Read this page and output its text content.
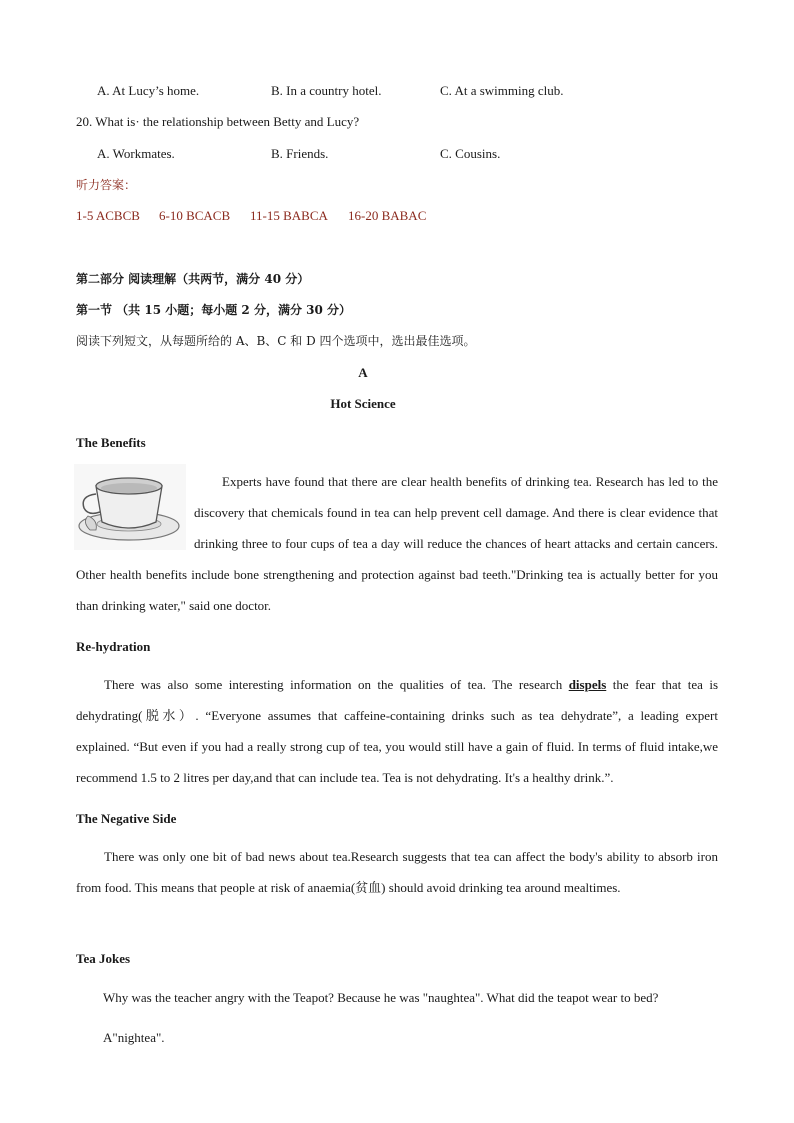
A. At Lucy’s home.	B. In a country hotel.	C. At a swimming club.
20. What is· the relationship between Betty and Lucy?
A. Workmates.	B. Friends.	C. Cousins.
听力答案：
1-5 ACBCB 6-10 BCACB 11-15 BABCA 16-20 BABAC
第二部分 阅读理解（共两节，满分 40 分）
第一节 （共 15 小题；每小题 2 分，满分 30 分）
阅读下列短文，从每题所给的 A、B、C 和 D 四个选项中，选出最佳选项。
A
Hot Science
The Benefits
Experts have found that there are clear health benefits of drinking tea. Research has led to the discovery that chemicals found in tea can help prevent cell damage. And there is clear evidence that drinking three to four cups of tea a day will reduce the chances of heart attacks and certain cancers. Other health benefits include bone strengthening and protection against bad teeth."Drinking tea is actually better for you than drinking water," said one doctor.
Re-hydration

There was also some interesting information on the qualities of tea. The research dispels the fear that tea is dehydrating(脱水）. “Everyone assumes that caffeine-containing drinks such as tea dehydrate”, a leading expert explained. “But even if you had a really strong cup of tea, you would still have a gain of fluid. In terms of fluid intake,we recommend 1.5 to 2 litres per day,and that can include tea. Tea is not dehydrating. It's a healthy drink.”.

The Negative Side

There was only one bit of bad news about tea.Research suggests that tea can affect the body's ability to absorb iron from food. This means that people at risk of anaemia(贫血) should avoid drinking tea around mealtimes.

Tea Jokes
Why was the teacher angry with the Teapot? Because he was "naughtea". What did the teapot wear to bed?
A"nightea".
